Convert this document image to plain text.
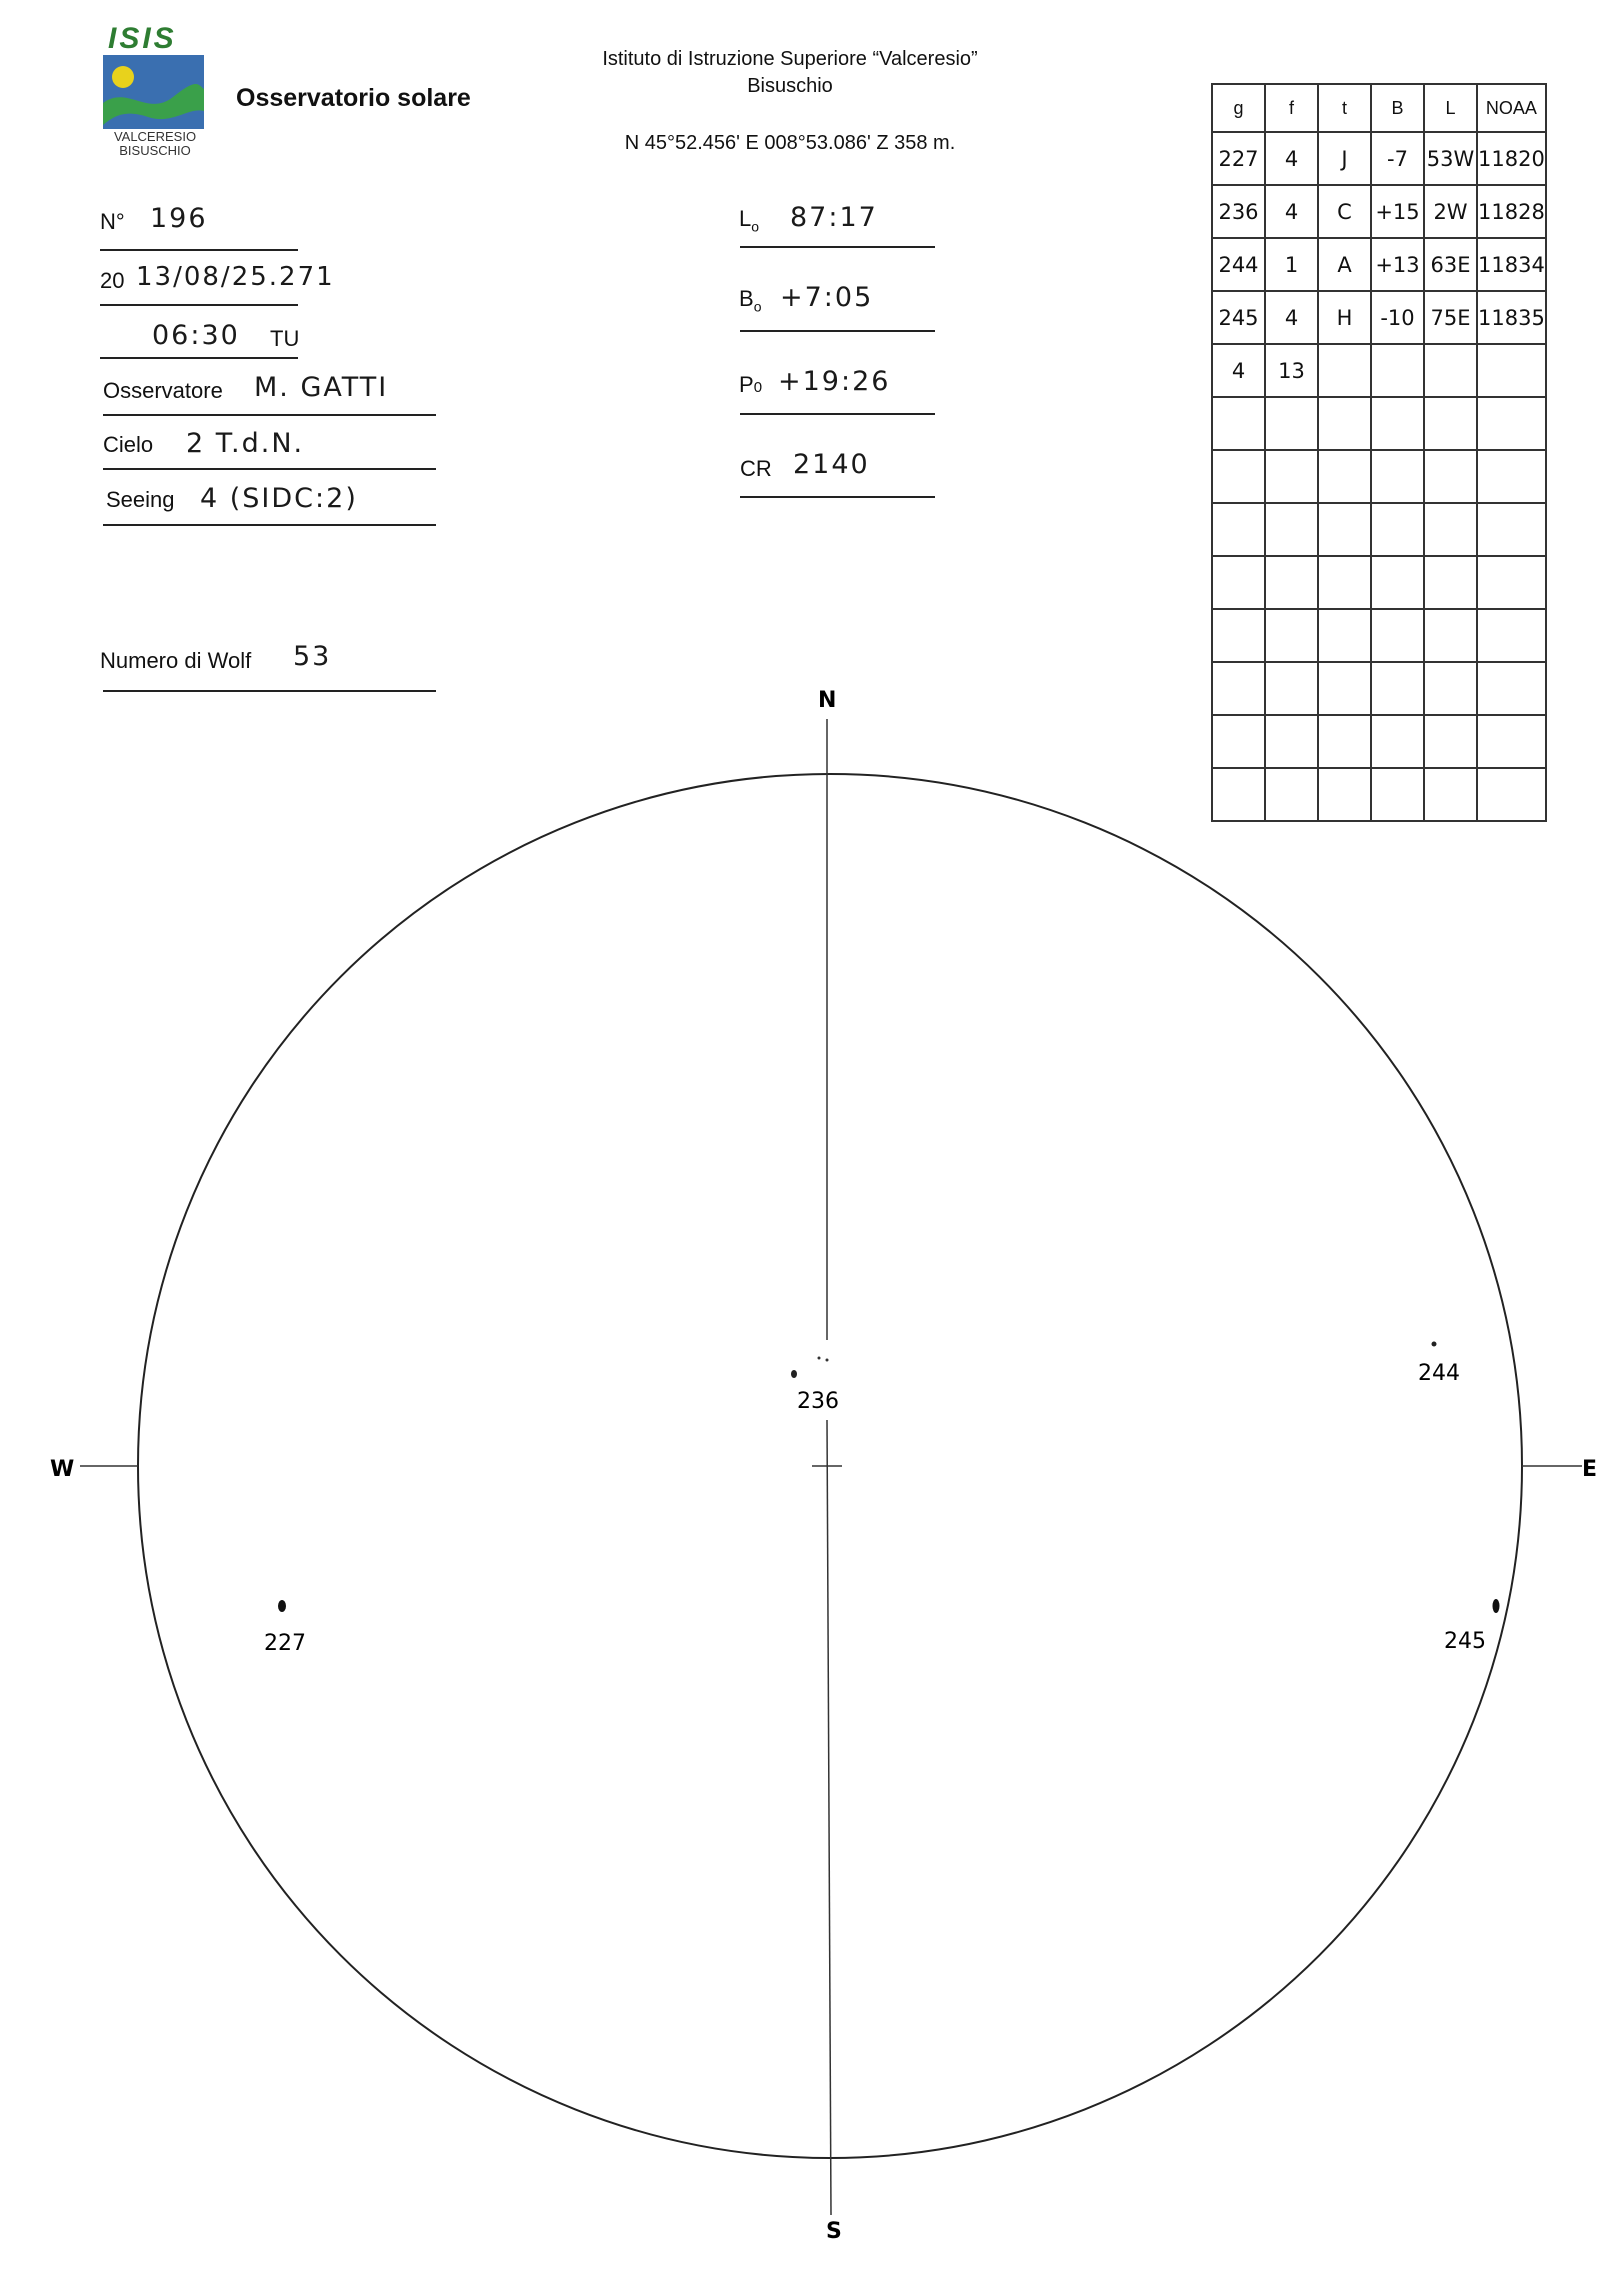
ISIS
VALCERESIO
BISUSCHIO
Osservatorio solare
Istituto di Istruzione Superiore “Valceresio”
Bisuschio
N 45°52.456' E 008°53.086' Z 358 m.
N° 196
20 13/08/25.271
06:30 TU
Osservatore M. GATTI
Cielo 2 T.d.N.
Seeing 4 (SIDC:2)
Numero di Wolf 53
$L_o$ 87:17
$B_o$ +7:05
P0 +19:26
CR 2140
g	f	t	B	L	NOAA
227	4	J	-7	53W	11820
236	4	C	+15	2W	11828
244	1	A	+13	63E	11834
245	4	H	-10	75E	11835
4	13				

N
S
W	E
236
244
227	245
